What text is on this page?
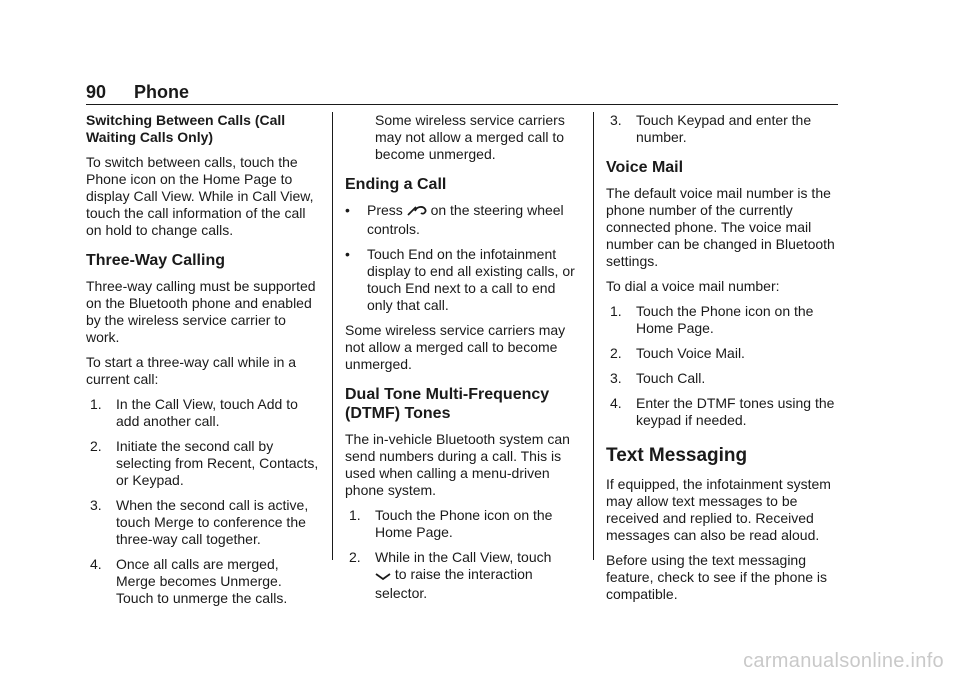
90 Phone

Switching Between Calls (Call Waiting Calls Only)

To switch between calls, touch the Phone icon on the Home Page to display Call View. While in Call View, touch the call information of the call on hold to change calls.

Three-Way Calling

Three-way calling must be supported on the Bluetooth phone and enabled by the wireless service carrier to work.

To start a three-way call while in a current call:

1. In the Call View, touch Add to add another call.
2. Initiate the second call by selecting from Recent, Contacts, or Keypad.
3. When the second call is active, touch Merge to conference the three-way call together.
4. Once all calls are merged, Merge becomes Unmerge. Touch to unmerge the calls.

Some wireless service carriers may not allow a merged call to become unmerged.

Ending a Call
• Press on the steering wheel controls.
• Touch End on the infotainment display to end all existing calls, or touch End next to a call to end only that call.

Some wireless service carriers may not allow a merged call to become unmerged.

Dual Tone Multi-Frequency (DTMF) Tones

The in-vehicle Bluetooth system can send numbers during a call. This is used when calling a menu-driven phone system.

1. Touch the Phone icon on the Home Page.
2. While in the Call View, touch
to raise the interaction selector.
3. Touch Keypad and enter the number.
Voice Mail

The default voice mail number is the phone number of the currently connected phone. The voice mail number can be changed in Bluetooth settings.

To dial a voice mail number:

1. Touch the Phone icon on the Home Page.
2. Touch Voice Mail.
3. Touch Call.
4. Enter the DTMF tones using the keypad if needed.
Text Messaging

If equipped, the infotainment system may allow text messages to be received and replied to. Received messages can also be read aloud.

Before using the text messaging feature, check to see if the phone is compatible.

carmanualsonline.info
